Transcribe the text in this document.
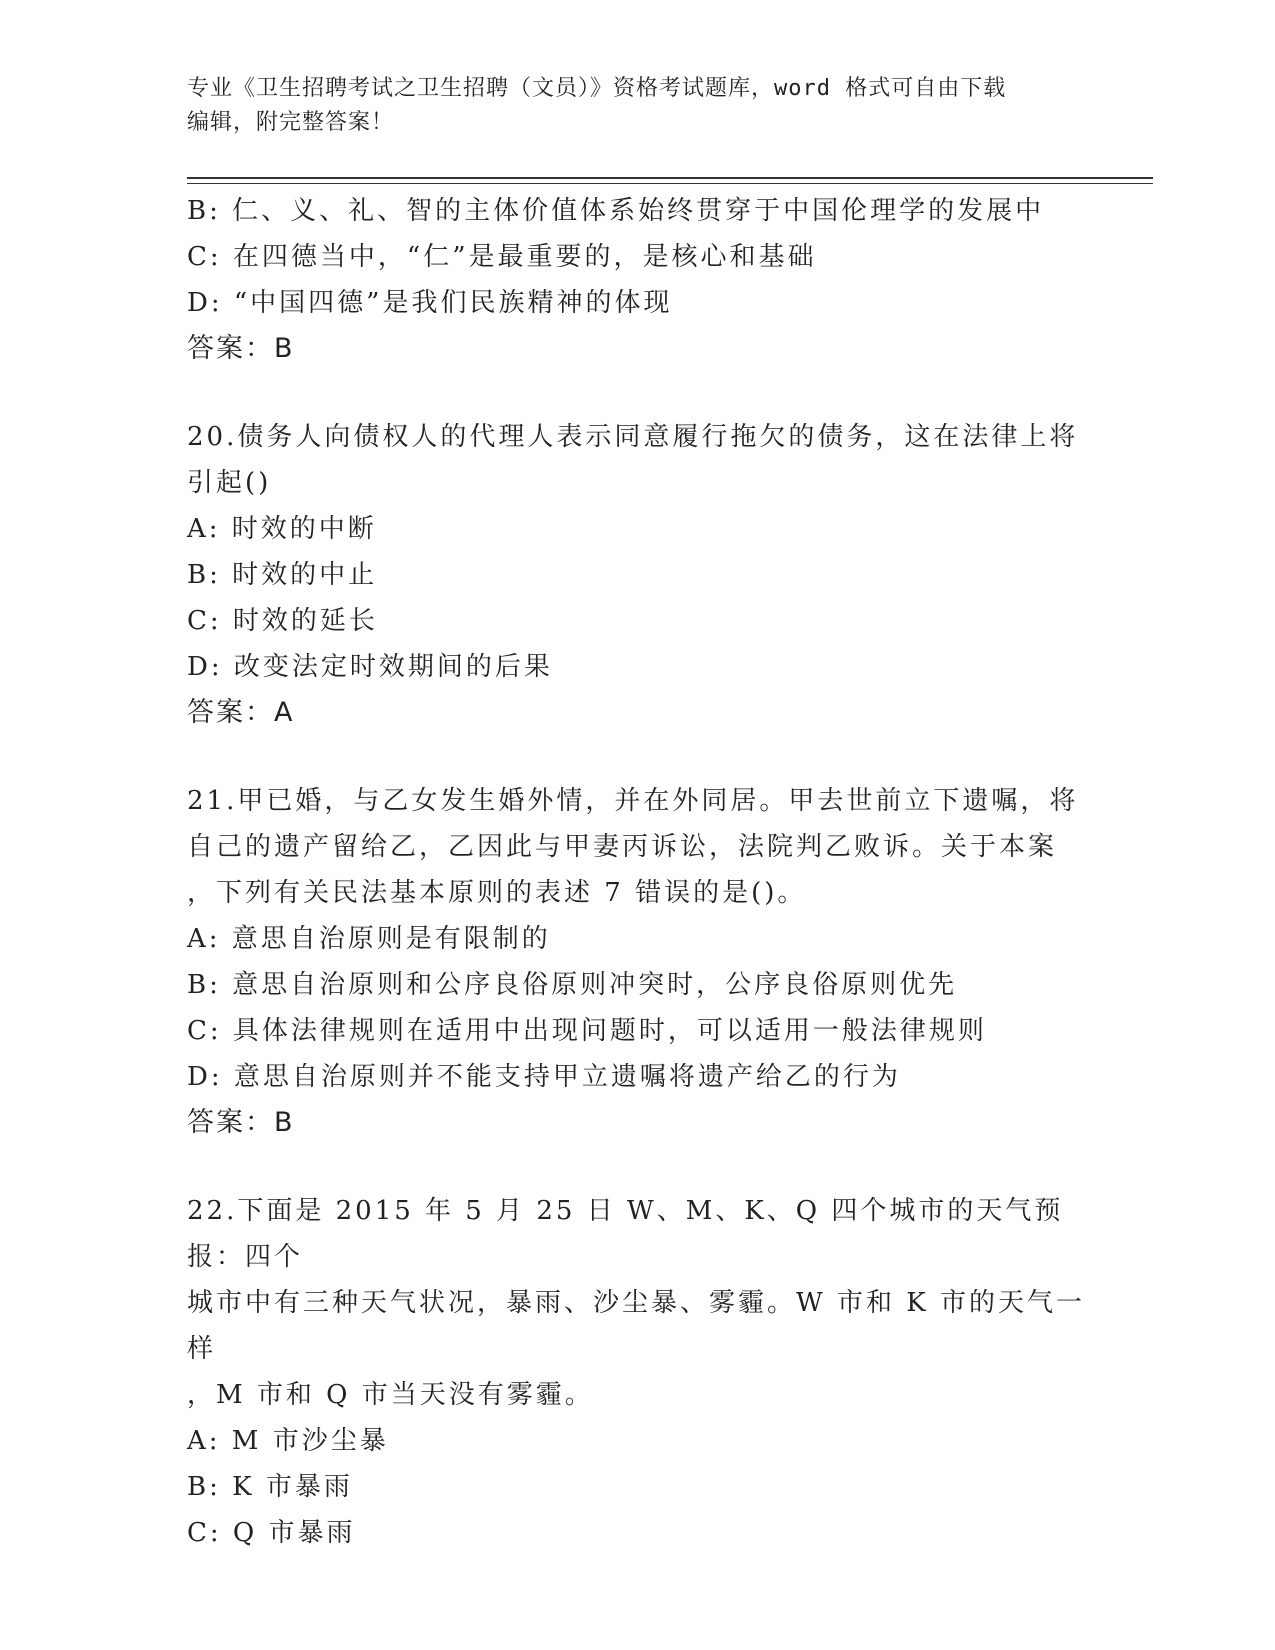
专业《卫生招聘考试之卫生招聘（文员）》资格考试题库，word 格式可自由下载
编辑，附完整答案！
B: 仁、义、礼、智的主体价值体系始终贯穿于中国伦理学的发展中
C: 在四德当中，“仁”是最重要的，是核心和基础
D: “中国四德”是我们民族精神的体现
答案：B
20.债务人向债权人的代理人表示同意履行拖欠的债务，这在法律上将
引起()
A: 时效的中断
B: 时效的中止
C: 时效的延长
D: 改变法定时效期间的后果
答案：A
21.甲已婚，与乙女发生婚外情，并在外同居。甲去世前立下遗嘱，将
自己的遗产留给乙，乙因此与甲妻丙诉讼，法院判乙败诉。关于本案
，下列有关民法基本原则的表述 7 错误的是()。
A: 意思自治原则是有限制的
B: 意思自治原则和公序良俗原则冲突时，公序良俗原则优先
C: 具体法律规则在适用中出现问题时，可以适用一般法律规则
D: 意思自治原则并不能支持甲立遗嘱将遗产给乙的行为
答案：B
22.下面是 2015 年 5 月 25 日 W、M、K、Q 四个城市的天气预报：四个
城市中有三种天气状况，暴雨、沙尘暴、雾霾。W 市和 K 市的天气一样
，M 市和 Q 市当天没有雾霾。
A: M 市沙尘暴
B: K 市暴雨
C: Q 市暴雨
